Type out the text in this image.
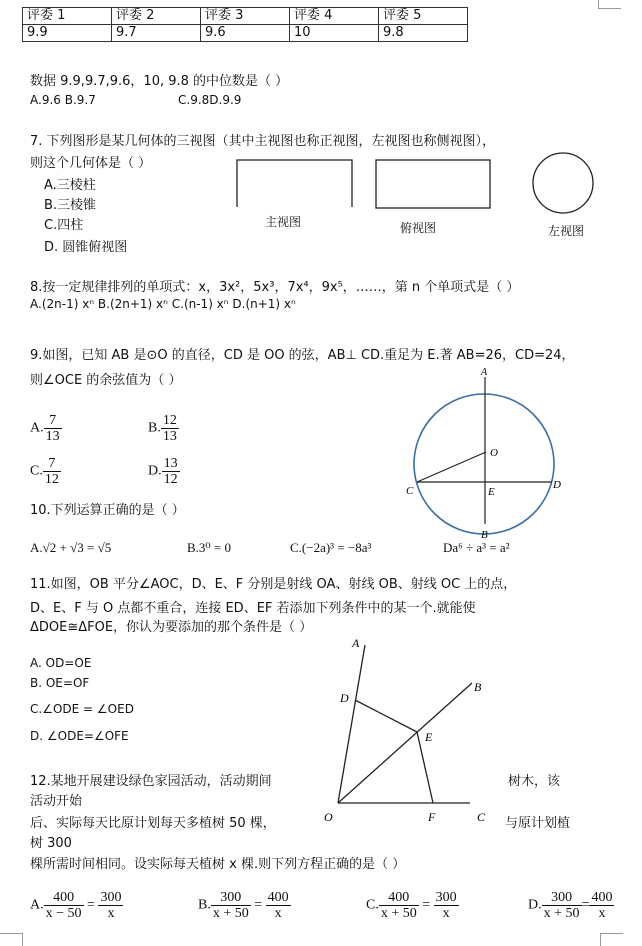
评委 1	评委 2	评委 3	评委 4	评委 5
9.9	9.7	9.6	10	9.8
数据 9.9,9.7,9.6，10, 9.8 的中位数是（ ）
A.9.6 B.9.7	C.9.8D.9.9
7. 下列图形是某几何体的三视图（其中主视图也称正视图，左视图也称侧视图），
则这个几何体是（ ）
A.三棱柱
B.三棱锥
C.四柱
D. 圆锥俯视图
主视图	俯视图	左视图
8.按一定规律排列的单项式：x，3x²，5x³，7x⁴，9x⁵，……，第 n 个单项式是（ ）
A.(2n-1) xⁿ B.(2n+1) xⁿ C.(n-1) xⁿ D.(n+1) xⁿ
9.如图，已知 AB 是⊙O 的直径，CD 是 OO 的弦，AB⊥ CD.重足为 E.著 AB=26，CD=24，
则∠OCE 的余弦值为（ ）
A. $\frac{7}{13}$	B. $\frac{12}{13}$
C. $\frac{7}{12}$	D. $\frac{13}{12}$
A
O
C	E
D
B
10.下列运算正确的是（ ）
A.√2 + √3 = √5	B.3⁰ = 0	C.(−2a)³ = −8a³	Da⁶ ÷ a³ = a²
11.如图，OB 平分∠AOC，D、E、F 分别是射线 OA、射线 OB、射线 OC 上的点，
D、E、F 与 O 点都不重合，连接 ED、EF 若添加下列条件中的某一个.就能使
ΔDOE≅ΔFOE，你认为要添加的那个条件是（ ）
A. OD=OE
B. OE=OF
C.∠ODE = ∠OED
D. ∠ODE=∠OFE
A
B
D
E
O	F	C
12.某地开展建设绿色家园活动，活动期间	树木，该
活动开始
后、实际每天比原计划每天多植树 50 棵，	与原计划植
树 300
棵所需时间相同。设实际每天植树 x 棵.则下列方程正确的是（ ）
A. $\frac{400}{x - 50} = \frac{300}{x}$	B. $\frac{300}{x + 50} = \frac{400}{x}$	C. $\frac{400}{x + 50} = \frac{300}{x}$	D. $\frac{300}{x + 50} = \frac{400}{x}$
